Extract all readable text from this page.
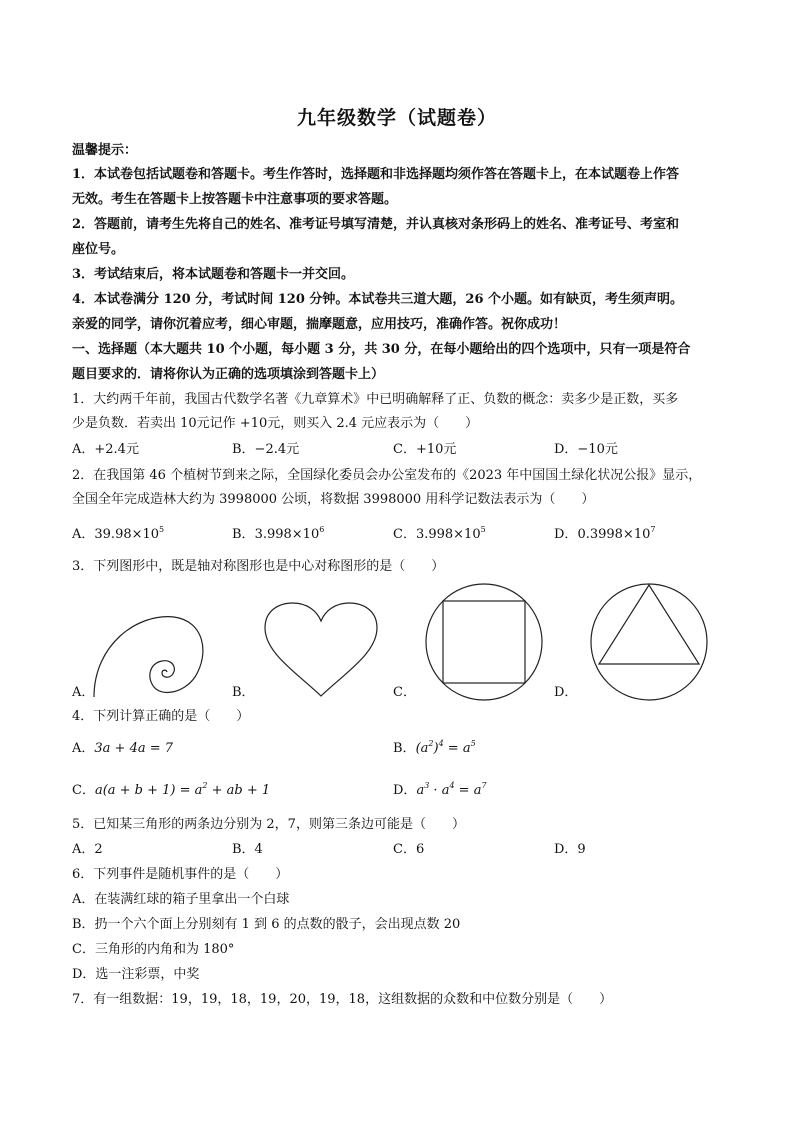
九年级数学（试题卷）
温馨提示：
1．本试卷包括试题卷和答题卡。考生作答时，选择题和非选择题均须作答在答题卡上，在本试题卷上作答
无效。考生在答题卡上按答题卡中注意事项的要求答题。
2．答题前，请考生先将自己的姓名、准考证号填写清楚，并认真核对条形码上的姓名、准考证号、考室和
座位号。
3．考试结束后，将本试题卷和答题卡一并交回。
4．本试卷满分 120 分，考试时间 120 分钟。本试卷共三道大题，26 个小题。如有缺页，考生须声明。
亲爱的同学，请你沉着应考，细心审题，揣摩题意，应用技巧，准确作答。祝你成功！
一、选择题（本大题共 10 个小题，每小题 3 分，共 30 分，在每小题给出的四个选项中，只有一项是符合
题目要求的．请将你认为正确的选项填涂到答题卡上）
1．大约两千年前，我国古代数学名著《九章算术》中已明确解释了正、负数的概念：卖多少是正数，买多
少是负数．若卖出 10元记作 +10元，则买入 2.4 元应表示为（　　）
A．+2.4元	B．−2.4元	C．+10元	D．−10元
2．在我国第 46 个植树节到来之际，全国绿化委员会办公室发布的《2023 年中国国土绿化状况公报》显示，
全国全年完成造林大约为 3998000 公顷，将数据 3998000 用科学记数法表示为（　　）
A．$39.98\times 10^5$	B．$3.998\times 10^6$	C．$3.998\times 10^5$	D．$0.3998\times 10^7$
3．下列图形中，既是轴对称图形也是中心对称图形的是（　　）
A．	B．	C．	D．
4．下列计算正确的是（　　）
A．3a + 4a = 7	B．$(a^2)^4 = a^5$
C．$a(a + b + 1) = a^2$ + ab + 1	D．$a^3 \cdot a^4 = a^7$
5．已知某三角形的两条边分别为 2，7，则第三条边可能是（　　）
A．2	B．4	C．6	D．9
6．下列事件是随机事件的是（　　）
A．在装满红球的箱子里拿出一个白球
B．扔一个六个面上分别刻有 1 到 6 的点数的骰子，会出现点数 20
C．三角形的内角和为 180°
D．选一注彩票，中奖
7．有一组数据：19，19，18，19，20，19，18，这组数据的众数和中位数分别是（　　）
